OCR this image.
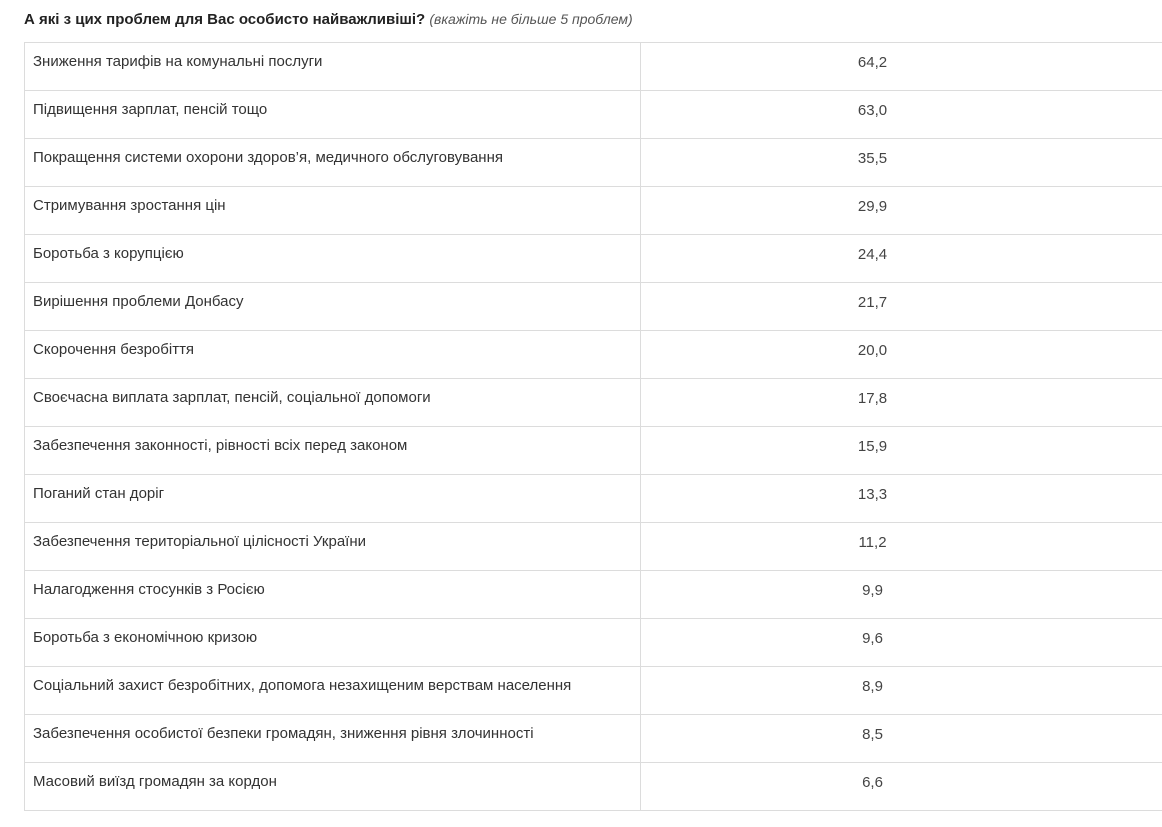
А які з цих проблем для Вас особисто найважливіші? (вкажіть не більше 5 проблем)
Зниження тарифів на комунальні послуги	64,2
Підвищення зарплат, пенсій тощо	63,0
Покращення системи охорони здоров’я, медичного обслуговування	35,5
Стримування зростання цін	29,9
Боротьба з корупцією	24,4
Вирішення проблеми Донбасу	21,7
Скорочення безробіття	20,0
Своєчасна виплата зарплат, пенсій, соціальної допомоги	17,8
Забезпечення законності, рівності всіх перед законом	15,9
Поганий стан доріг	13,3
Забезпечення територіальної цілісності України	11,2
Налагодження стосунків з Росією	9,9
Боротьба з економічною кризою	9,6
Соціальний захист безробітних, допомога незахищеним верствам населення	8,9
Забезпечення особистої безпеки громадян, зниження рівня злочинності	8,5
Масовий виїзд громадян за кордон	6,6
